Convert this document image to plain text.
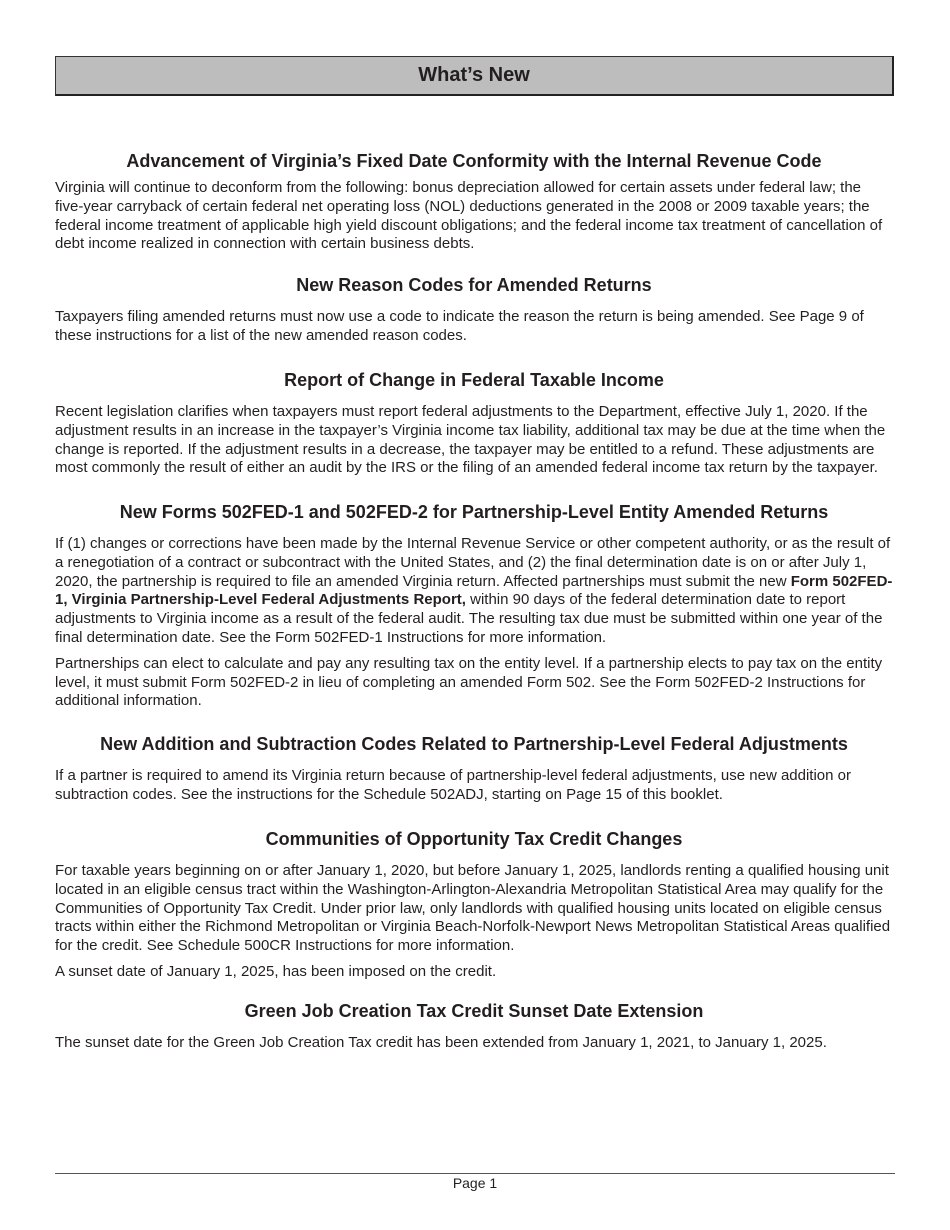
What’s New
Advancement of Virginia’s Fixed Date Conformity with the Internal Revenue Code

Virginia will continue to deconform from the following: bonus depreciation allowed for certain assets under federal law; the five-year carryback of certain federal net operating loss (NOL) deductions generated in the 2008 or 2009 taxable years; the federal income treatment of applicable high yield discount obligations; and the federal income tax treatment of cancellation of debt income realized in connection with certain business debts.

New Reason Codes for Amended Returns

Taxpayers filing amended returns must now use a code to indicate the reason the return is being amended. See Page 9 of these instructions for a list of the new amended reason codes.

Report of Change in Federal Taxable Income

Recent legislation clarifies when taxpayers must report federal adjustments to the Department, effective July 1, 2020. If the adjustment results in an increase in the taxpayer’s Virginia income tax liability, additional tax may be due at the time when the change is reported. If the adjustment results in a decrease, the taxpayer may be entitled to a refund. These adjustments are most commonly the result of either an audit by the IRS or the filing of an amended federal income tax return by the taxpayer.

New Forms 502FED-1 and 502FED-2 for Partnership-Level Entity Amended Returns

If (1) changes or corrections have been made by the Internal Revenue Service or other competent authority, or as the result of a renegotiation of a contract or subcontract with the United States, and (2) the final determination date is on or after July 1, 2020, the partnership is required to file an amended Virginia return. Affected partnerships must submit the new Form 502FED-1, Virginia Partnership-Level Federal Adjustments Report, within 90 days of the federal determination date to report adjustments to Virginia income as a result of the federal audit. The resulting tax due must be submitted within one year of the final determination date. See the Form 502FED-1 Instructions for more information.

Partnerships can elect to calculate and pay any resulting tax on the entity level. If a partnership elects to pay tax on the entity level, it must submit Form 502FED-2 in lieu of completing an amended Form 502. See the Form 502FED-2 Instructions for additional information.

New Addition and Subtraction Codes Related to Partnership-Level Federal Adjustments

If a partner is required to amend its Virginia return because of partnership-level federal adjustments, use new addition or subtraction codes. See the instructions for the Schedule 502ADJ, starting on Page 15 of this booklet.

Communities of Opportunity Tax Credit Changes

For taxable years beginning on or after January 1, 2020, but before January 1, 2025, landlords renting a qualified housing unit located in an eligible census tract within the Washington-Arlington-Alexandria Metropolitan Statistical Area may qualify for the Communities of Opportunity Tax Credit. Under prior law, only landlords with qualified housing units located on eligible census tracts within either the Richmond Metropolitan or Virginia Beach-Norfolk-Newport News Metropolitan Statistical Areas qualified for the credit. See Schedule 500CR Instructions for more information.

A sunset date of January 1, 2025, has been imposed on the credit.

Green Job Creation Tax Credit Sunset Date Extension

The sunset date for the Green Job Creation Tax credit has been extended from January 1, 2021, to January 1, 2025.

Page 1
